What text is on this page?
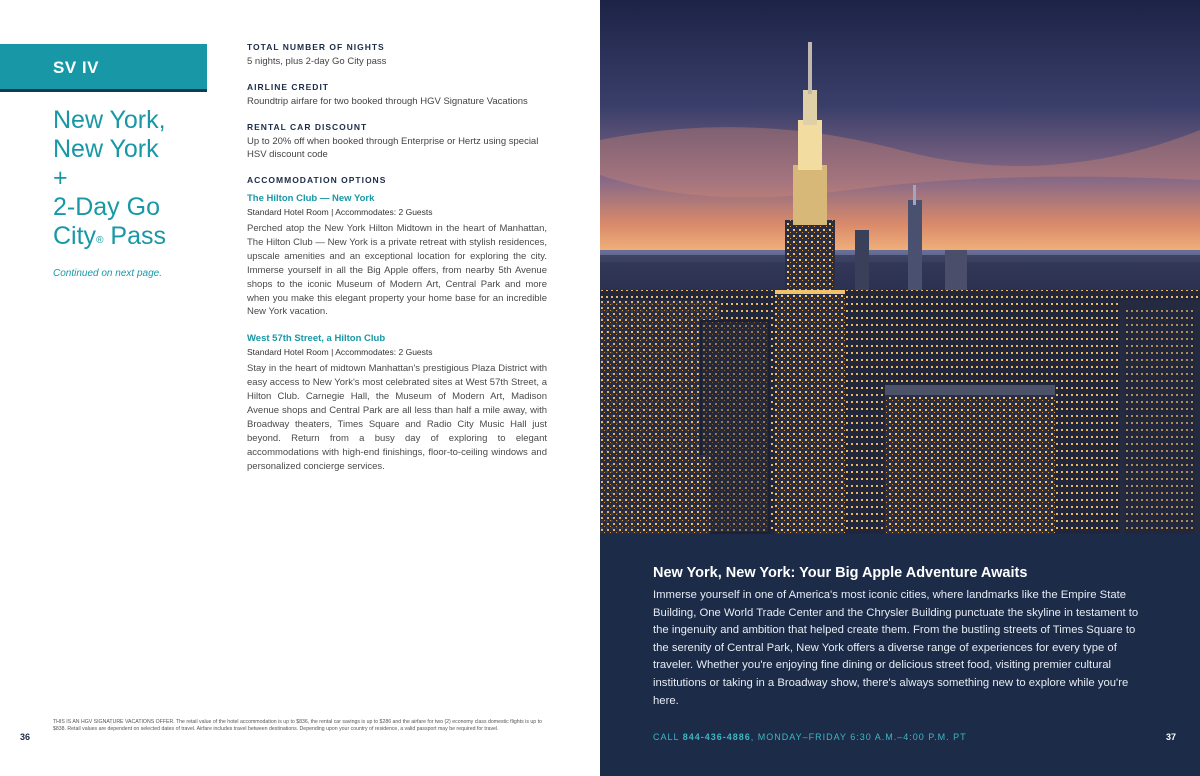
SV IV
New York,
New York
+
2-Day Go
City® Pass
Continued on next page.

TOTAL NUMBER OF NIGHTS

5 nights, plus 2-day Go City pass

AIRLINE CREDIT

Roundtrip airfare for two booked through HGV Signature Vacations

RENTAL CAR DISCOUNT

Up to 20% off when booked through Enterprise or Hertz using special HSV discount code

ACCOMMODATION OPTIONS

The Hilton Club — New York

Standard Hotel Room | Accommodates: 2 Guests

Perched atop the New York Hilton Midtown in the heart of Manhattan, The Hilton Club — New York is a private retreat with stylish residences, upscale amenities and an exceptional location for exploring the city. Immerse yourself in all the Big Apple offers, from nearby 5th Avenue shops to the iconic Museum of Modern Art, Central Park and more when you make this elegant property your home base for an incredible New York vacation.

West 57th Street, a Hilton Club

Standard Hotel Room | Accommodates: 2 Guests

Stay in the heart of midtown Manhattan's prestigious Plaza District with easy access to New York's most celebrated sites at West 57th Street, a Hilton Club. Carnegie Hall, the Museum of Modern Art, Madison Avenue shops and Central Park are all less than half a mile away, with Broadway theaters, Times Square and Radio City Music Hall just beyond. Return from a busy day of exploring to elegant accommodations with high-end finishings, floor-to-ceiling windows and personalized concierge services.

36
THIS IS AN HGV SIGNATURE VACATIONS OFFER. The retail value of the hotel accommodation is up to $836, the rental car savings is up to $286 and the airfare for two (2) economy class domestic flights is up to $838. Retail values are dependent on selected dates of travel. Airfare includes travel between destinations. Depending upon your country of residence, a valid passport may be required for travel.
New York, New York: Your Big Apple Adventure Awaits
Immerse yourself in one of America's most iconic cities, where landmarks like the Empire State Building, One World Trade Center and the Chrysler Building punctuate the skyline in testament to the ingenuity and ambition that helped create them. From the bustling streets of Times Square to the serenity of Central Park, New York offers a diverse range of experiences for every type of traveler. Whether you're enjoying fine dining or delicious street food, visiting premier cultural institutions or taking in a Broadway show, there's always something new to explore while you're here.
CALL 844-436-4886, MONDAY–FRIDAY 6:30 A.M.–4:00 P.M. PT	37
